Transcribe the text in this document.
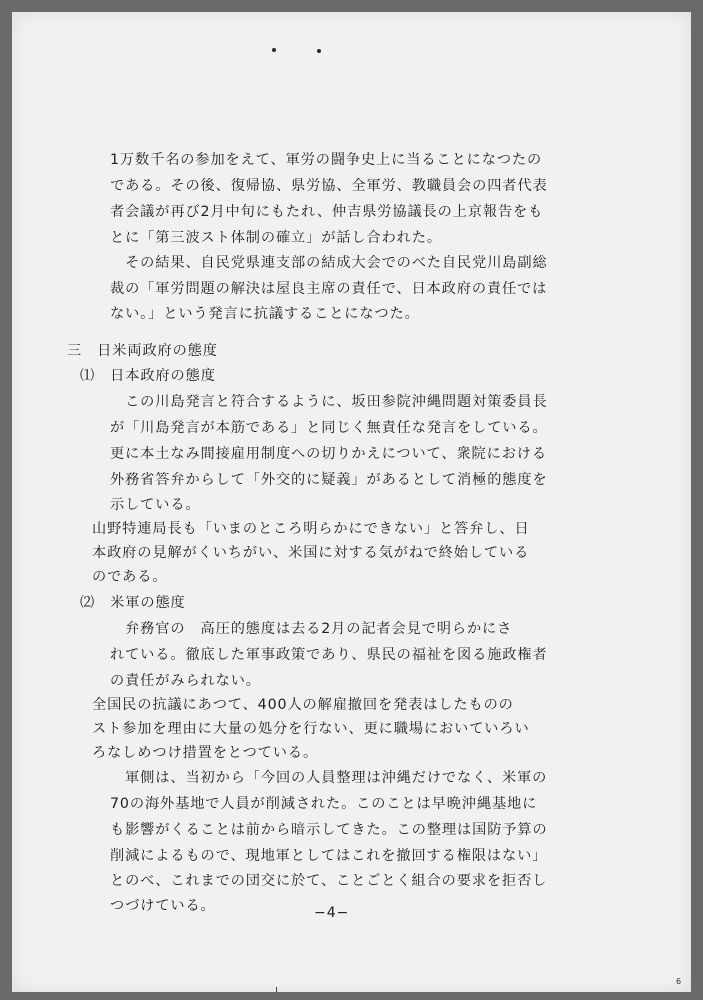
1万数千名の参加をえて、軍労の闘争史上に当ることになつたの
である。その後、復帰協、県労協、全軍労、教職員会の四者代表
者会議が再び2月中旬にもたれ、仲吉県労協議長の上京報告をも
とに「第三波スト体制の確立」が話し合われた。
　その結果、自民党県連支部の結成大会でのべた自民党川島副総
裁の「軍労問題の解決は屋良主席の責任で、日本政府の責任では
ない。」という発言に抗議することになつた。
三　日米両政府の態度
⑴　日本政府の態度
　この川島発言と符合するように、坂田参院沖縄問題対策委員長
が「川島発言が本筋である」と同じく無責任な発言をしている。
更に本土なみ間接雇用制度への切りかえについて、衆院における
外務省答弁からして「外交的に疑義」があるとして消極的態度を
示している。
山野特連局長も「いまのところ明らかにできない」と答弁し、日
本政府の見解がくいちがい、米国に対する気がねで終始している
のである。
⑵　米軍の態度
　弁務官の　高圧的態度は去る2月の記者会見で明らかにさ
れている。徹底した軍事政策であり、県民の福祉を図る施政権者
の責任がみられない。
全国民の抗議にあつて、400人の解雇撤回を発表はしたものの
スト参加を理由に大量の処分を行ない、更に職場においていろい
ろなしめつけ措置をとつている。
　軍側は、当初から「今回の人員整理は沖縄だけでなく、米軍の
70の海外基地で人員が削減された。このことは早晩沖縄基地に
も影響がくることは前から暗示してきた。この整理は国防予算の
削減によるもので、現地軍としてはこれを撤回する権限はない」
とのべ、これまでの団交に於て、ことごとく組合の要求を拒否し
つづけている。	−4−
6
